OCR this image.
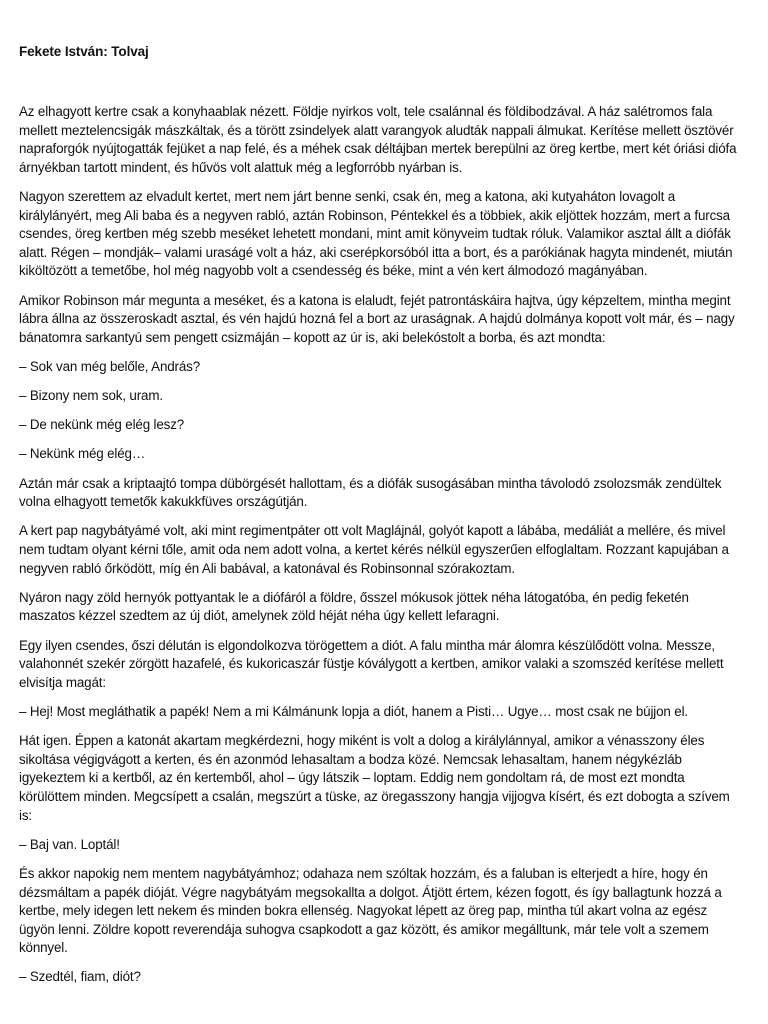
Fekete István: Tolvaj

Az elhagyott kertre csak a konyhaablak nézett. Földje nyirkos volt, tele csalánnal és földibodzával. A ház salétromos fala mellett meztelencsigák mászkáltak, és a törött zsindelyek alatt varangyok aludták nappali álmukat. Kerítése mellett ösztövér napraforgók nyújtogatták fejüket a nap felé, és a méhek csak déltájban mertek berepülni az öreg kertbe, mert két óriási diófa árnyékban tartott mindent, és hűvös volt alattuk még a legforróbb nyárban is.

Nagyon szerettem az elvadult kertet, mert nem járt benne senki, csak én, meg a katona, aki kutyaháton lovagolt a királylányért, meg Ali baba és a negyven rabló, aztán Robinson, Péntekkel és a többiek, akik eljöttek hozzám, mert a furcsa csendes, öreg kertben még szebb meséket lehetett mondani, mint amit könyveim tudtak róluk. Valamikor asztal állt a diófák alatt. Régen – mondják– valami uraságé volt a ház, aki cserépkorsóból itta a bort, és a parókiának hagyta mindenét, miután kiköltözött a temetőbe, hol még nagyobb volt a csendesség és béke, mint a vén kert álmodozó magányában.

Amikor Robinson már megunta a meséket, és a katona is elaludt, fejét patrontáskáira hajtva, úgy képzeltem, mintha megint lábra állna az összeroskadt asztal, és vén hajdú hozná fel a bort az uraságnak. A hajdú dolmánya kopott volt már, és – nagy bánatomra sarkantyú sem pengett csizmáján – kopott az úr is, aki belekóstolt a borba, és azt mondta:

– Sok van még belőle, András?

– Bizony nem sok, uram.

– De nekünk még elég lesz?

– Nekünk még elég…

Aztán már csak a kriptaajtó tompa dübörgését hallottam, és a diófák susogásában mintha távolodó zsolozsmák zendültek volna elhagyott temetők kakukkfüves országútján.

A kert pap nagybátyámé volt, aki mint regimentpáter ott volt Maglájnál, golyót kapott a lábába, medáliát a mellére, és mivel nem tudtam olyant kérni tőle, amit oda nem adott volna, a kertet kérés nélkül egyszerűen elfoglaltam. Rozzant kapujában a negyven rabló őrködött, míg én Ali babával, a katonával és Robinsonnal szórakoztam.

Nyáron nagy zöld hernyók pottyantak le a diófáról a földre, ősszel mókusok jöttek néha látogatóba, én pedig feketén maszatos kézzel szedtem az új diót, amelynek zöld héját néha úgy kellett lefaragni.

Egy ilyen csendes, őszi délután is elgondolkozva törögettem a diót. A falu mintha már álomra készülődött volna. Messze, valahonnét szekér zörgött hazafelé, és kukoricaszár füstje kóválygott a kertben, amikor valaki a szomszéd kerítése mellett elvisítja magát:

– Hej! Most megláthatik a papék! Nem a mi Kálmánunk lopja a diót, hanem a Pisti… Ugye… most csak ne bújjon el.

Hát igen. Éppen a katonát akartam megkérdezni, hogy miként is volt a dolog a királylánnyal, amikor a vénasszony éles sikoltása végigvágott a kerten, és én azonmód lehasaltam a bodza közé. Nemcsak lehasaltam, hanem négykézláb igyekeztem ki a kertből, az én kertemből, ahol – úgy látszik – loptam. Eddig nem gondoltam rá, de most ezt mondta körülöttem minden. Megcsípett a csalán, megszúrt a tüske, az öregasszony hangja vijjogva kísért, és ezt dobogta a szívem is:

– Baj van. Loptál!

És akkor napokig nem mentem nagybátyámhoz; odahaza nem szóltak hozzám, és a faluban is elterjedt a híre, hogy én dézsmáltam a papék dióját. Végre nagybátyám megsokallta a dolgot. Átjött értem, kézen fogott, és így ballagtunk hozzá a kertbe, mely idegen lett nekem és minden bokra ellenség. Nagyokat lépett az öreg pap, mintha túl akart volna az egész ügyön lenni. Zöldre kopott reverendája suhogva csapkodott a gaz között, és amikor megálltunk, már tele volt a szemem könnyel.

– Szedtél, fiam, diót?
